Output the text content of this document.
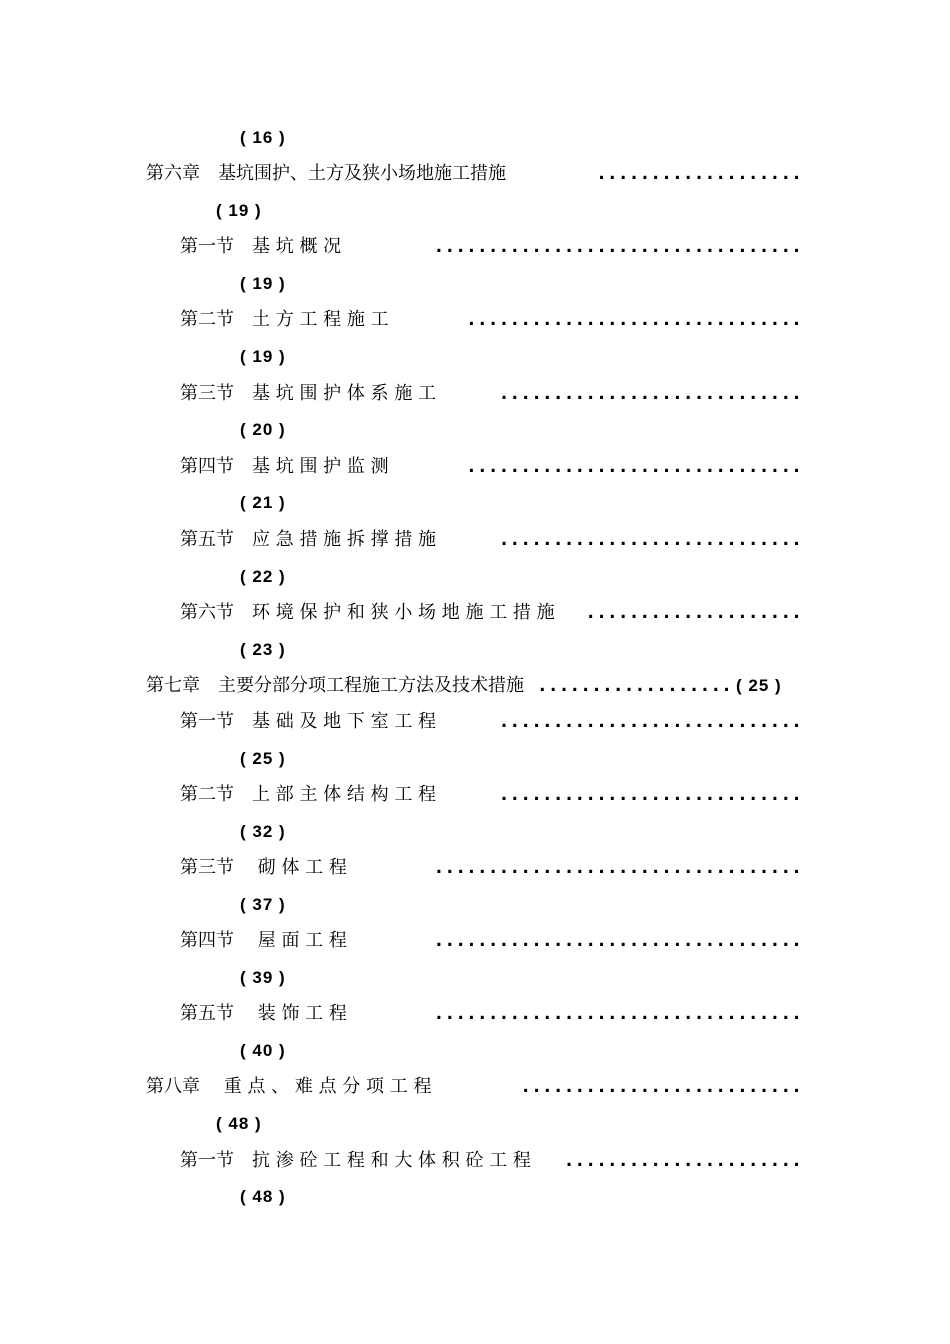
( 16 )
第六章　基坑围护、土方及狭小场地施工措施	...................
( 19 )
第一节　基 坑 概 况	..................................
( 19 )
第二节　土 方 工 程 施 工	...............................
( 19 )
第三节　基 坑 围 护 体 系 施 工	............................
( 20 )
第四节　基 坑 围 护 监 测	...............................
( 21 )
第五节　应 急 措 施 拆 撑 措 施	............................
( 22 )
第六节　环 境 保 护 和 狭 小 场 地 施 工 措 施 ....................
( 23 )
第七章　主要分部分项工程施工方法及技术措施 .................. ( 25 )
第一节　基 础 及 地 下 室 工 程	............................
( 25 )
第二节　上 部 主 体 结 构 工 程	............................
( 32 )
第三节　 砌 体 工 程	..................................
( 37 )
第四节　 屋 面 工 程	..................................
( 39 )
第五节　 装 饰 工 程	..................................
( 40 )
第八章　 重 点 、 难 点 分 项 工 程	..........................
( 48 )
第一节　抗 渗 砼 工 程 和 大 体 积 砼 工 程 ......................
( 48 )
